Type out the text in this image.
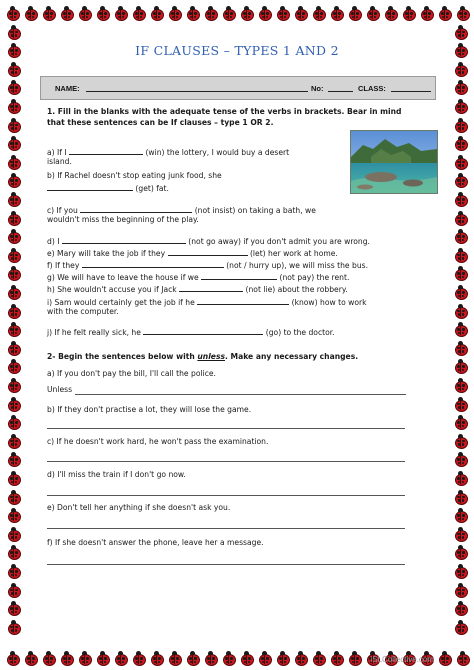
IF CLAUSES – TYPES 1 AND 2
NAME:	No:	CLASS:
1. Fill in the blanks with the adequate tense of the verbs in brackets. Bear in mind
that these sentences can be If clauses – type 1 OR 2.
a) If I	(win) the lottery, I would buy a desert
island.
b) If Rachel doesn't stop eating junk food, she
(get) fat.
c) If you	(not insist) on taking a bath, we
wouldn't miss the beginning of the play.
d) I	(not go away) if you don't admit you are wrong.
e) Mary will take the job if they	(let) her work at home.
f) If they	(not / hurry up), we will miss the bus.
g) We will have to leave the house if we	(not pay) the rent.
h) She wouldn't accuse you if Jack	(not lie) about the robbery.
i) Sam would certainly get the job if he	(know) how to work
with the computer.
j) If he felt really sick, he	(go) to the doctor.
2- Begin the sentences below with unless. Make any necessary changes.
a) If you don't pay the bill, I'll call the police.
Unless
b) If they don't practise a lot, they will lose the game.
c) If he doesn't work hard, he won't pass the examination.
d) I'll miss the train if I don't go now.
e) Don't tell her anything if she doesn't ask you.
f) If she doesn't answer the phone, leave her a message.
iSLCollective.com
